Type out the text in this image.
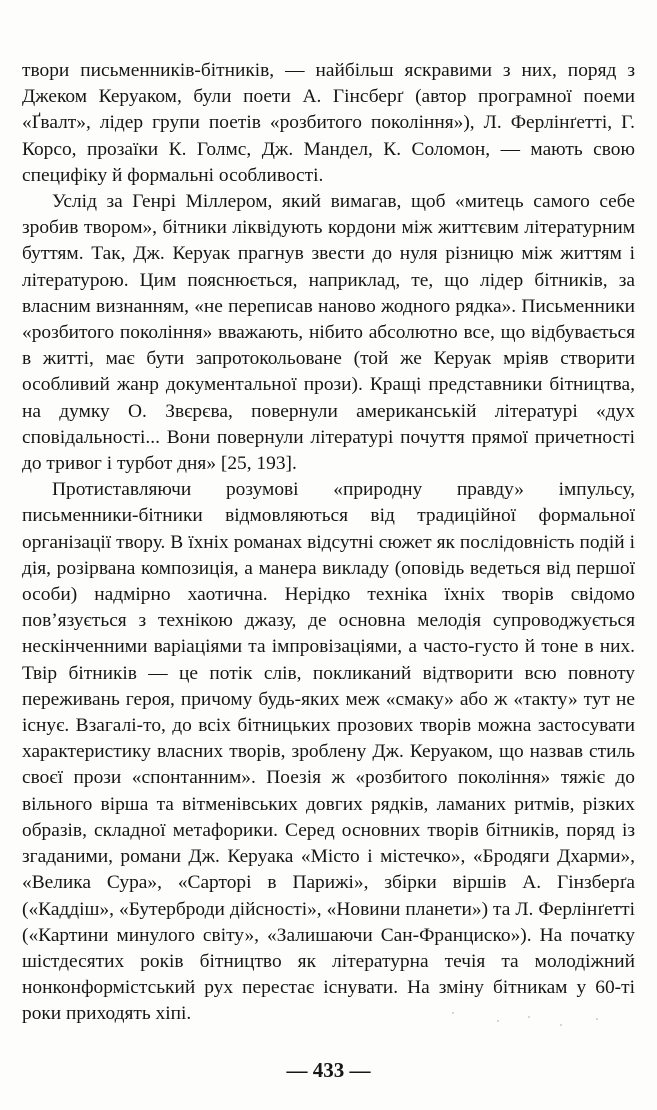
твори письменників-бітників, — найбільш яскравими з них, поряд з Джеком Керуаком, були поети А. Гінсберґ (автор програмної поеми «Ґвалт», лідер групи поетів «розбитого покоління»), Л. Ферлінґетті, Г. Корсо, прозаїки К. Голмс, Дж. Мандел, К. Соломон, — мають свою специфіку й формальні особливості.

Услід за Генрі Міллером, який вимагав, щоб «митець самого себе зробив твором», бітники ліквідують кордони між життєвим літературним буттям. Так, Дж. Керуак прагнув звести до нуля різницю між життям і літературою. Цим пояснюється, наприклад, те, що лідер бітників, за власним визнанням, «не переписав наново жодного рядка». Письменники «розбитого покоління» вважають, нібито абсолютно все, що відбувається в житті, має бути запротокольоване (той же Керуак мріяв створити особливий жанр документальної прози). Кращі представники бітництва, на думку О. Звєрєва, повернули американській літературі «дух сповідальності... Вони повернули літературі почуття прямої причетності до тривог і турбот дня» [25, 193].

Протиставляючи розумові «природну правду» імпульсу, письменники-бітники відмовляються від традиційної формальної організації твору. В їхніх романах відсутні сюжет як послідовність подій і дія, розірвана композиція, а манера викладу (оповідь ведеться від першої особи) надмірно хаотична. Нерідко техніка їхніх творів свідомо пов’язується з технікою джазу, де основна мелодія супроводжується нескінченними варіаціями та імпровізаціями, а часто-густо й тоне в них. Твір бітників — це потік слів, покликаний відтворити всю повноту переживань героя, причому будь-яких меж «смаку» або ж «такту» тут не існує. Взагалі-то, до всіх бітницьких прозових творів можна застосувати характеристику власних творів, зроблену Дж. Керуаком, що назвав стиль своєї прози «спонтанним». Поезія ж «розбитого покоління» тяжіє до вільного вірша та вітменівських довгих рядків, ламаних ритмів, різких образів, складної метафорики. Серед основних творів бітників, поряд із згаданими, романи Дж. Керуака «Місто і містечко», «Бродяги Дхарми», «Велика Сура», «Сарторі в Парижі», збірки віршів А. Гінзберґа («Каддіш», «Бутерброди дійсності», «Новини планети») та Л. Ферлінґетті («Картини минулого світу», «Залишаючи Сан-Франциско»). На початку шістдесятих років бітництво як літературна течія та молодіжний нонконформістський рух перестає існувати. На зміну бітникам у 60-ті роки приходять хіпі.

— 433 —
